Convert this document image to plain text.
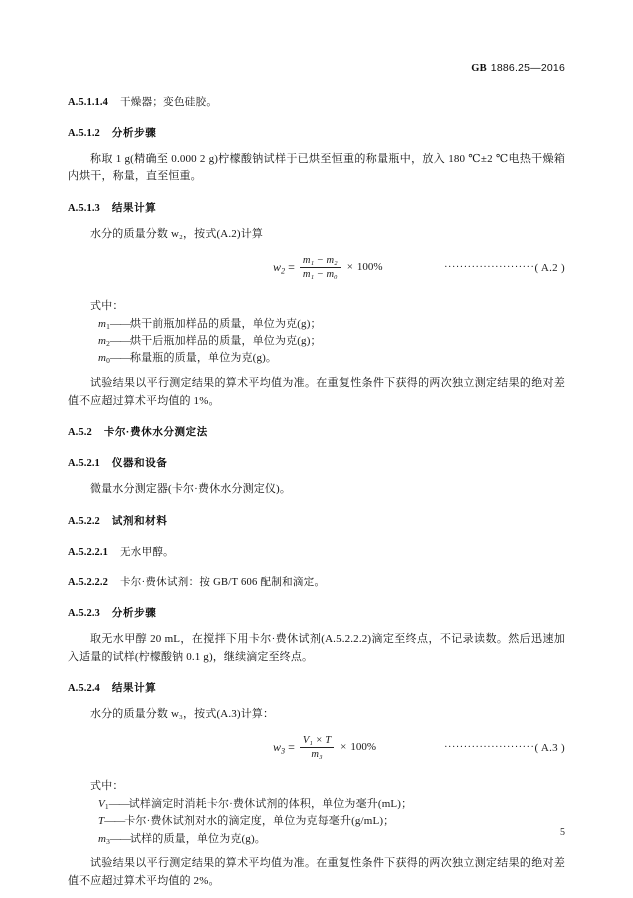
GB 1886.25—2016
A.5.1.1.4 干燥器；变色硅胶。
A.5.1.2 分析步骤

称取 1 g(精确至 0.000 2 g)柠檬酸钠试样于已烘至恒重的称量瓶中，放入 180 ℃±2 ℃电热干燥箱内烘干，称量，直至恒重。

A.5.1.3 结果计算

水分的质量分数 w₂，按式(A.2)计算

$w_2 = \frac{\text{m₁ − m₂}}{\text{m₁ − m₀}} \times 100\%$	·······················( A.2 )
式中：
$m_1——$烘干前瓶加样品的质量，单位为克(g)；
$m_2——$烘干后瓶加样品的质量，单位为克(g)；
$m_0——$称量瓶的质量，单位为克(g)。

试验结果以平行测定结果的算术平均值为准。在重复性条件下获得的两次独立测定结果的绝对差值不应超过算术平均值的 1%。

A.5.2 卡尔·费休水分测定法
A.5.2.1 仪器和设备

微量水分测定器(卡尔·费休水分测定仪)。

A.5.2.2 试剂和材料
A.5.2.2.1 无水甲醇。
A.5.2.2.2 卡尔·费休试剂：按 GB/T 606 配制和滴定。
A.5.2.3 分析步骤

取无水甲醇 20 mL，在搅拌下用卡尔·费休试剂(A.5.2.2.2)滴定至终点，不记录读数。然后迅速加入适量的试样(柠檬酸钠 0.1 g)，继续滴定至终点。

A.5.2.4 结果计算

水分的质量分数 w₃，按式(A.3)计算：

$w_3 = \frac{\text{V₁ × T}}{\text{m₃}} \times 100\%$	·······················( A.3 )
式中：
$V_1——$试样滴定时消耗卡尔·费休试剂的体积，单位为毫升(mL)；
T——卡尔·费休试剂对水的滴定度，单位为克每毫升(g/mL)；
$m_3——$试样的质量，单位为克(g)。

试验结果以平行测定结果的算术平均值为准。在重复性条件下获得的两次独立测定结果的绝对差值不应超过算术平均值的 2%。

5
